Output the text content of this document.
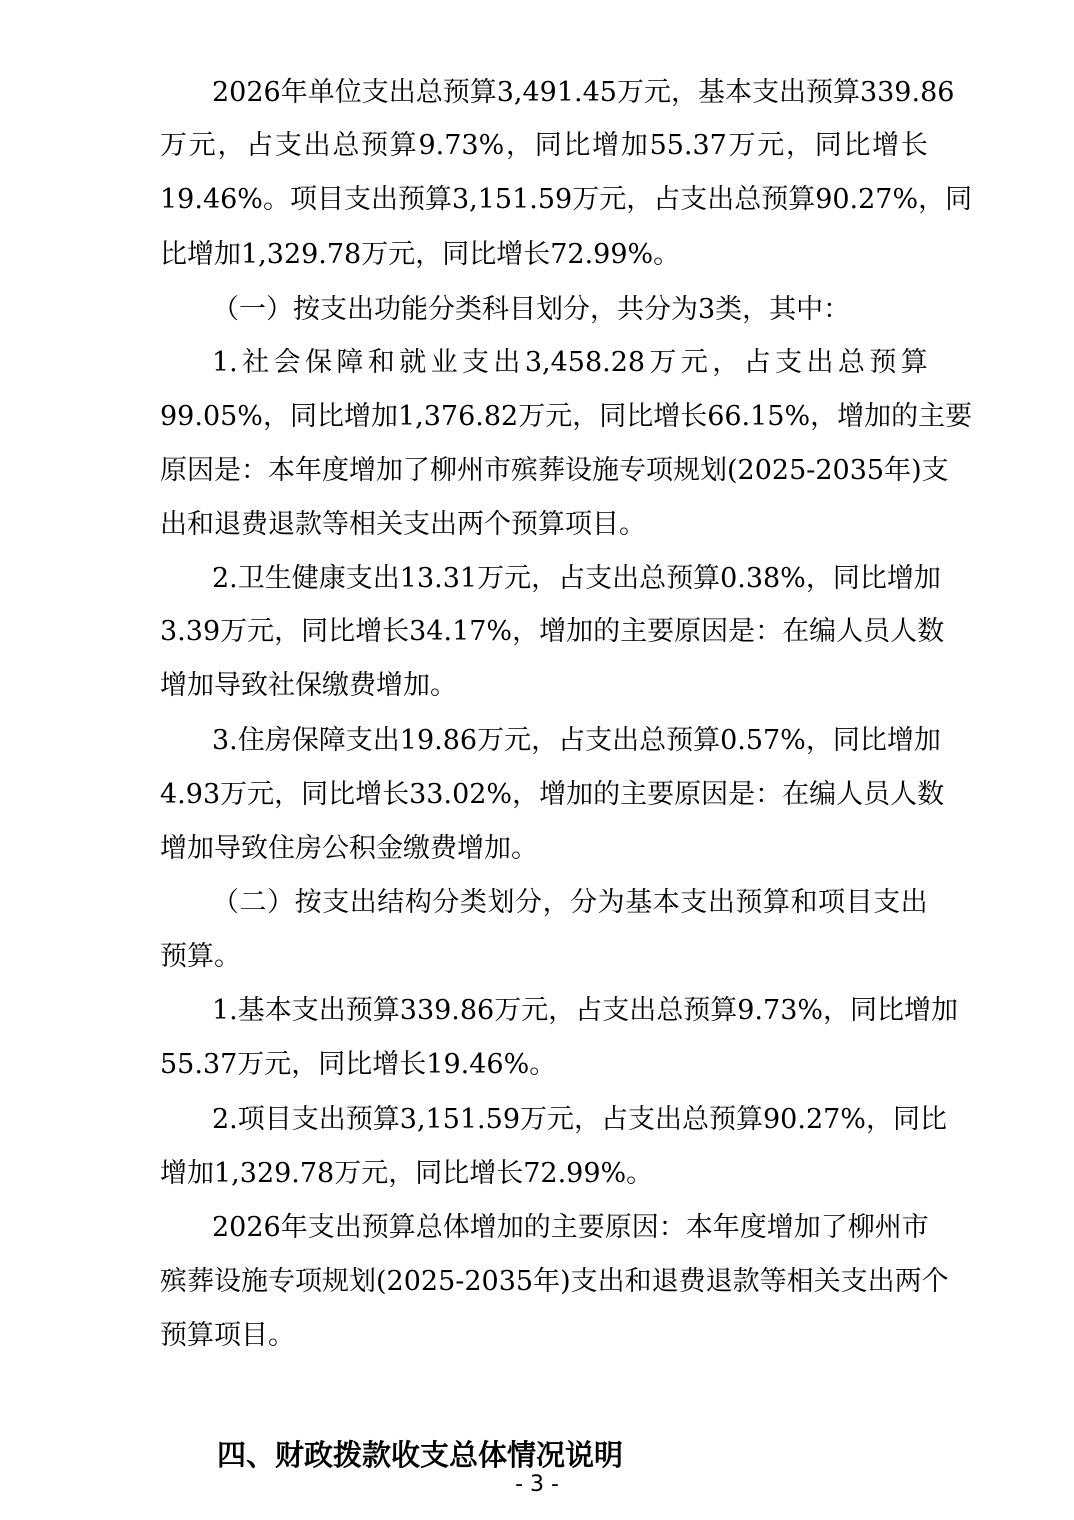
2026 年 单 位 支 出 总 预 算 3,491.45 万 元 ， 基 本 支 出 预 算 339.86
万 元 ， 占 支 出 总 预 算 9.73% ， 同 比 增 加 55.37 万 元 ， 同 比 增 长
19.46% 。 项 目 支 出 预 算 3,151.59 万 元 ， 占 支 出 总 预 算 90.27% ， 同
比增加1,329.78万元，同比增长72.99%。
（一）按支出功能分类科目划分，共分为3类，其中：
1. 社 会 保 障 和 就 业 支 出 3,458.28 万 元 ， 占 支 出 总 预 算
99.05% ， 同 比 增 加 1,376.82 万 元 ， 同 比 增 长 66.15% ， 增 加 的 主 要
原 因 是 ： 本 年 度 增 加 了 柳 州 市 殡 葬 设 施 专 项 规 划 (2025-2035 年 ) 支
出和退费退款等相关支出两个预算项目。
2. 卫 生 健 康 支 出 13.31 万 元 ， 占 支 出 总 预 算 0.38% ， 同 比 增 加
3.39 万 元 ， 同 比 增 长 34.17% ， 增 加 的 主 要 原 因 是 ： 在 编 人 员 人 数
增加导致社保缴费增加。
3. 住 房 保 障 支 出 19.86 万 元 ， 占 支 出 总 预 算 0.57% ， 同 比 增 加
4.93 万 元 ， 同 比 增 长 33.02% ， 增 加 的 主 要 原 因 是 ： 在 编 人 员 人 数
增加导致住房公积金缴费增加。
（ 二 ） 按 支 出 结 构 分 类 划 分 ， 分 为 基 本 支 出 预 算 和 项 目 支 出
预算。
1. 基 本 支 出 预 算 339.86 万 元 ， 占 支 出 总 预 算 9.73% ， 同 比 增 加
55.37万元，同比增长19.46%。
2. 项 目 支 出 预 算 3,151.59 万 元 ， 占 支 出 总 预 算 90.27% ， 同 比
增加1,329.78万元，同比增长72.99%。
2026 年 支 出 预 算 总 体 增 加 的 主 要 原 因 ： 本 年 度 增 加 了 柳 州 市
殡 葬 设 施 专 项 规 划 (2025-2035 年 ) 支 出 和 退 费 退 款 等 相 关 支 出 两 个
预算项目。
四、财政拨款收支总体情况说明
- 3 -
